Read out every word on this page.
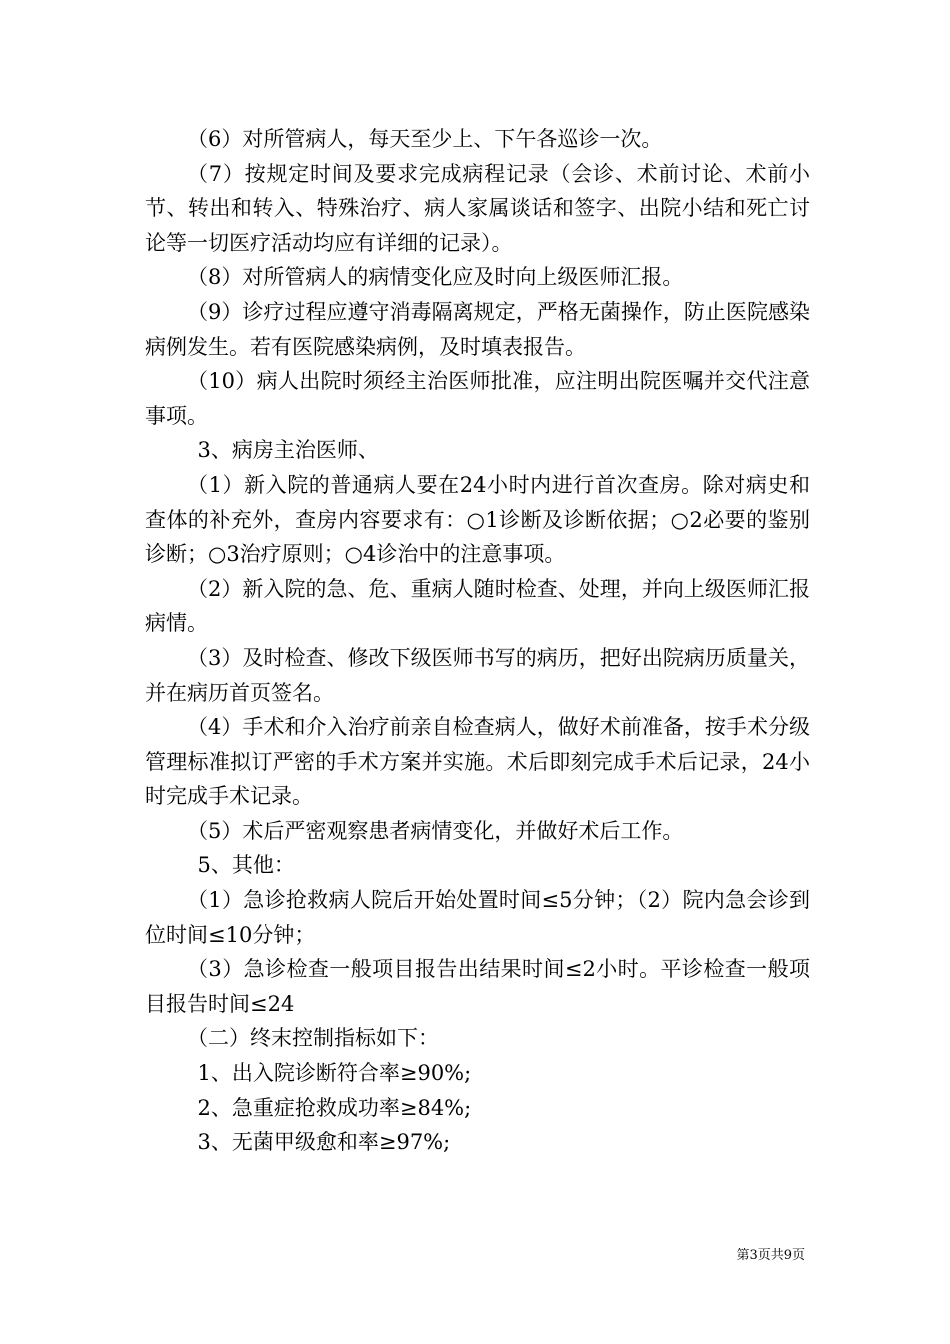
（6）对所管病人，每天至少上、下午各巡诊一次。

（7）按规定时间及要求完成病程记录（会诊、术前讨论、术前小节、转出和转入、特殊治疗、病人家属谈话和签字、出院小结和死亡讨论等一切医疗活动均应有详细的记录）。

（8）对所管病人的病情变化应及时向上级医师汇报。

（9）诊疗过程应遵守消毒隔离规定，严格无菌操作，防止医院感染病例发生。若有医院感染病例，及时填表报告。

（10）病人出院时须经主治医师批准，应注明出院医嘱并交代注意事项。

3、病房主治医师、

（1）新入院的普通病人要在24小时内进行首次查房。除对病史和查体的补充外，查房内容要求有：○1诊断及诊断依据；○2必要的鉴别诊断；○3治疗原则；○4诊治中的注意事项。

（2）新入院的急、危、重病人随时检查、处理，并向上级医师汇报病情。

（3）及时检查、修改下级医师书写的病历，把好出院病历质量关，并在病历首页签名。

（4）手术和介入治疗前亲自检查病人，做好术前准备，按手术分级管理标准拟订严密的手术方案并实施。术后即刻完成手术后记录，24小时完成手术记录。

（5）术后严密观察患者病情变化，并做好术后工作。

5、其他：

（1）急诊抢救病人院后开始处置时间≤5分钟；（2）院内急会诊到位时间≤10分钟；

（3）急诊检查一般项目报告出结果时间≤2小时。平诊检查一般项目报告时间≤24

（二）终末控制指标如下：

1、出入院诊断符合率≥90%;

2、急重症抢救成功率≥84%;

3、无菌甲级愈和率≥97%;

第3页共9页
